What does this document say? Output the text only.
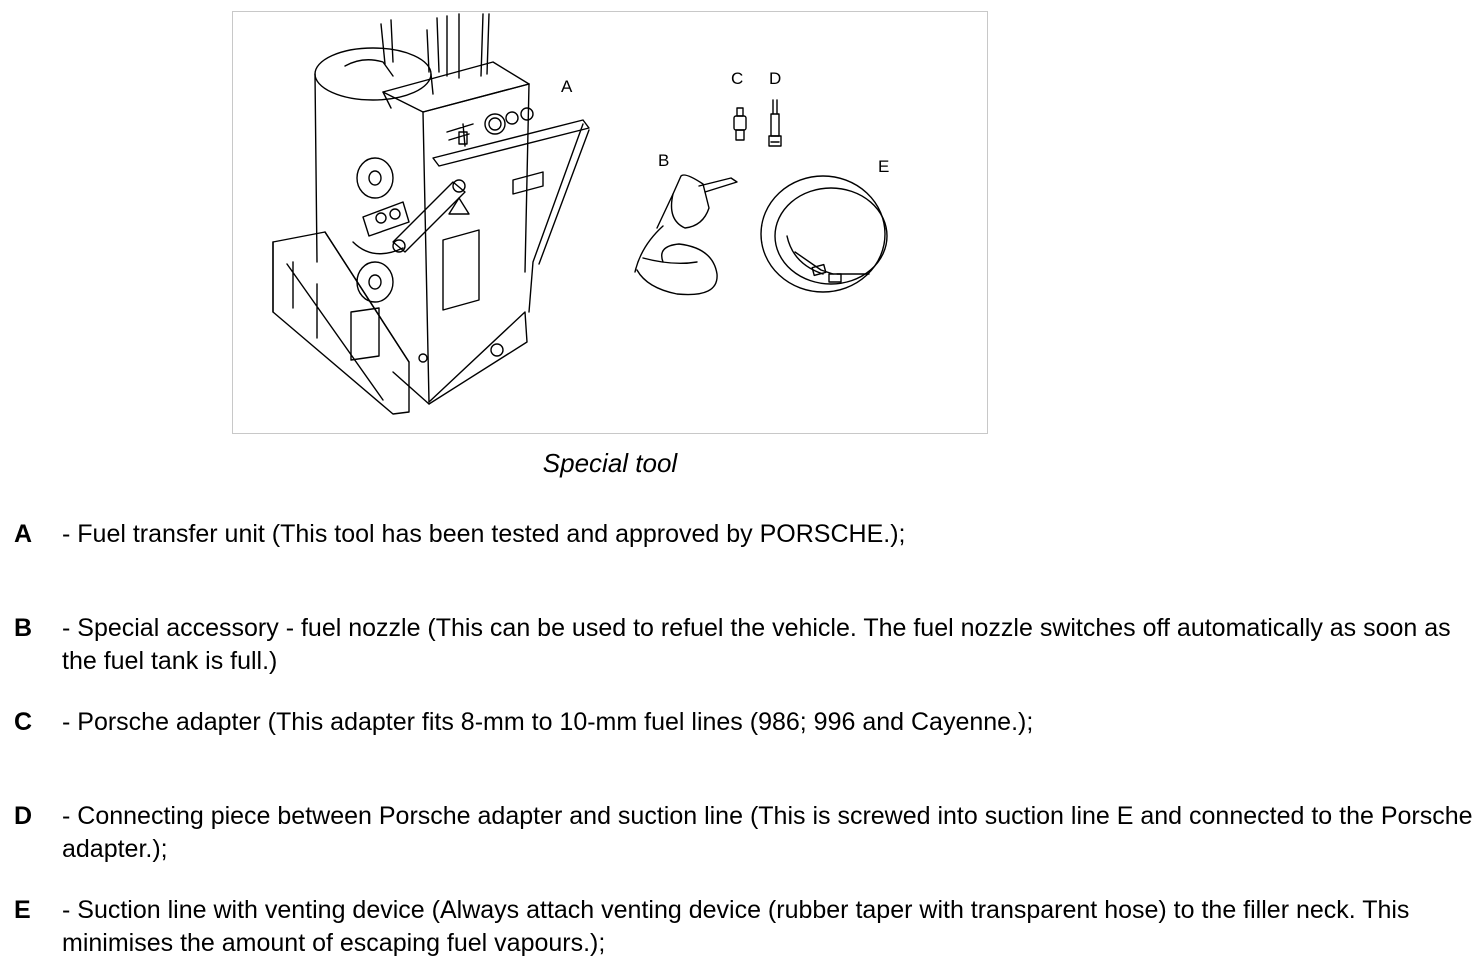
A
B
C D
E
Special tool
A - Fuel transfer unit (This tool has been tested and approved by PORSCHE.);
B - Special accessory - fuel nozzle (This can be used to refuel the vehicle. The fuel nozzle switches off automatically as soon as the fuel tank is full.)
C - Porsche adapter (This adapter fits 8-mm to 10-mm fuel lines (986; 996 and Cayenne.);
D - Connecting piece between Porsche adapter and suction line (This is screwed into suction line E and connected to the Porsche adapter.);
E - Suction line with venting device (Always attach venting device (rubber taper with transparent hose) to the filler neck. This minimises the amount of escaping fuel vapours.);
